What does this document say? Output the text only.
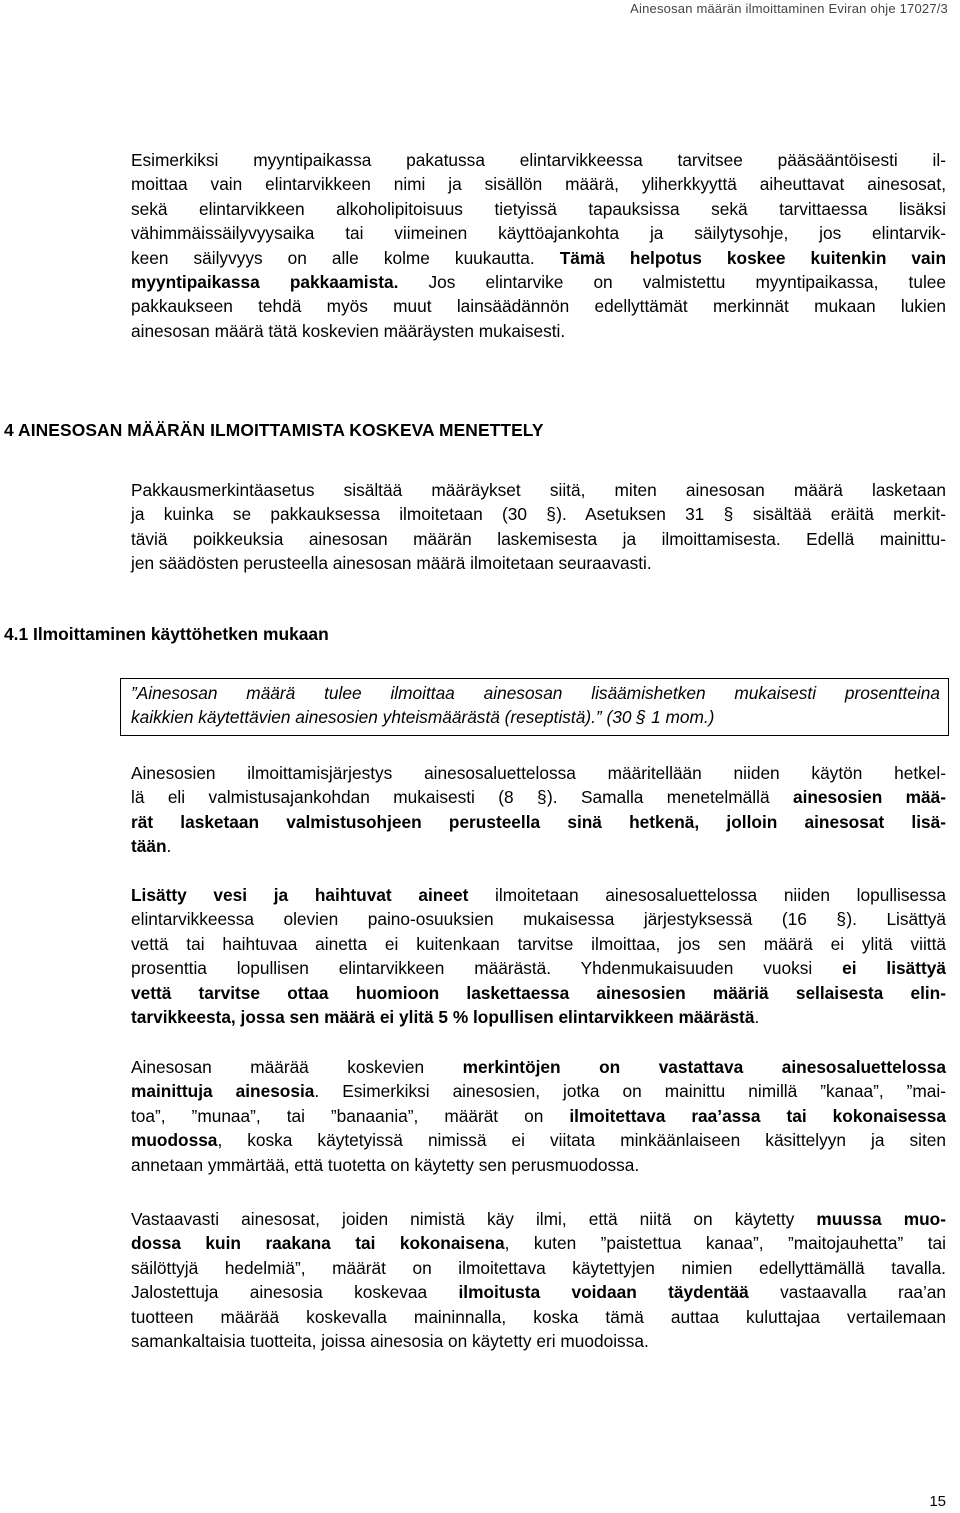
Ainesosan määrän ilmoittaminen Eviran ohje 17027/3
Esimerkiksi myyntipaikassa pakatussa elintarvikkeessa tarvitsee pääsääntöisesti il-
moittaa vain elintarvikkeen nimi ja sisällön määrä, yliherkkyyttä aiheuttavat ainesosat,
sekä elintarvikkeen alkoholipitoisuus tietyissä tapauksissa sekä tarvittaessa lisäksi
vähimmäissäilyvyysaika tai viimeinen käyttöajankohta ja säilytysohje, jos elintarvik-
keen säilyvyys on alle kolme kuukautta. Tämä helpotus koskee kuitenkin vain
myyntipaikassa pakkaamista. Jos elintarvike on valmistettu myyntipaikassa, tulee
pakkaukseen tehdä myös muut lainsäädännön edellyttämät merkinnät mukaan lukien
ainesosan määrä tätä koskevien määräysten mukaisesti.
4 AINESOSAN MÄÄRÄN ILMOITTAMISTA KOSKEVA MENETTELY
Pakkausmerkintäasetus sisältää määräykset siitä, miten ainesosan määrä lasketaan
ja kuinka se pakkauksessa ilmoitetaan (30 §). Asetuksen 31 § sisältää eräitä merkit-
täviä poikkeuksia ainesosan määrän laskemisesta ja ilmoittamisesta. Edellä mainittu-
jen säädösten perusteella ainesosan määrä ilmoitetaan seuraavasti.
4.1 Ilmoittaminen käyttöhetken mukaan
”Ainesosan määrä tulee ilmoittaa ainesosan lisäämishetken mukaisesti prosentteina
kaikkien käytettävien ainesosien yhteismäärästä (reseptistä).” (30 § 1 mom.)
Ainesosien ilmoittamisjärjestys ainesosaluettelossa määritellään niiden käytön hetkel-
lä eli valmistusajankohdan mukaisesti (8 §). Samalla menetelmällä ainesosien mää-
rät lasketaan valmistusohjeen perusteella sinä hetkenä, jolloin ainesosat lisä-
tään.
Lisätty vesi ja haihtuvat aineet ilmoitetaan ainesosaluettelossa niiden lopullisessa
elintarvikkeessa olevien paino-osuuksien mukaisessa järjestyksessä (16 §). Lisättyä
vettä tai haihtuvaa ainetta ei kuitenkaan tarvitse ilmoittaa, jos sen määrä ei ylitä viittä
prosenttia lopullisen elintarvikkeen määrästä. Yhdenmukaisuuden vuoksi ei lisättyä
vettä tarvitse ottaa huomioon laskettaessa ainesosien määriä sellaisesta elin-
tarvikkeesta, jossa sen määrä ei ylitä 5 % lopullisen elintarvikkeen määrästä.
Ainesosan määrää koskevien merkintöjen on vastattava ainesosaluettelossa
mainittuja ainesosia. Esimerkiksi ainesosien, jotka on mainittu nimillä ”kanaa”, ”mai-
toa”, ”munaa”, tai ”banaania”, määrät on ilmoitettava raa’assa tai kokonaisessa
muodossa, koska käytetyissä nimissä ei viitata minkäänlaiseen käsittelyyn ja siten
annetaan ymmärtää, että tuotetta on käytetty sen perusmuodossa.
Vastaavasti ainesosat, joiden nimistä käy ilmi, että niitä on käytetty muussa muo-
dossa kuin raakana tai kokonaisena, kuten ”paistettua kanaa”, ”maitojauhetta” tai
säilöttyjä hedelmiä”, määrät on ilmoitettava käytettyjen nimien edellyttämällä tavalla.
Jalostettuja ainesosia koskevaa ilmoitusta voidaan täydentää vastaavalla raa’an
tuotteen määrää koskevalla maininnalla, koska tämä auttaa kuluttajaa vertailemaan
samankaltaisia tuotteita, joissa ainesosia on käytetty eri muodoissa.
15
